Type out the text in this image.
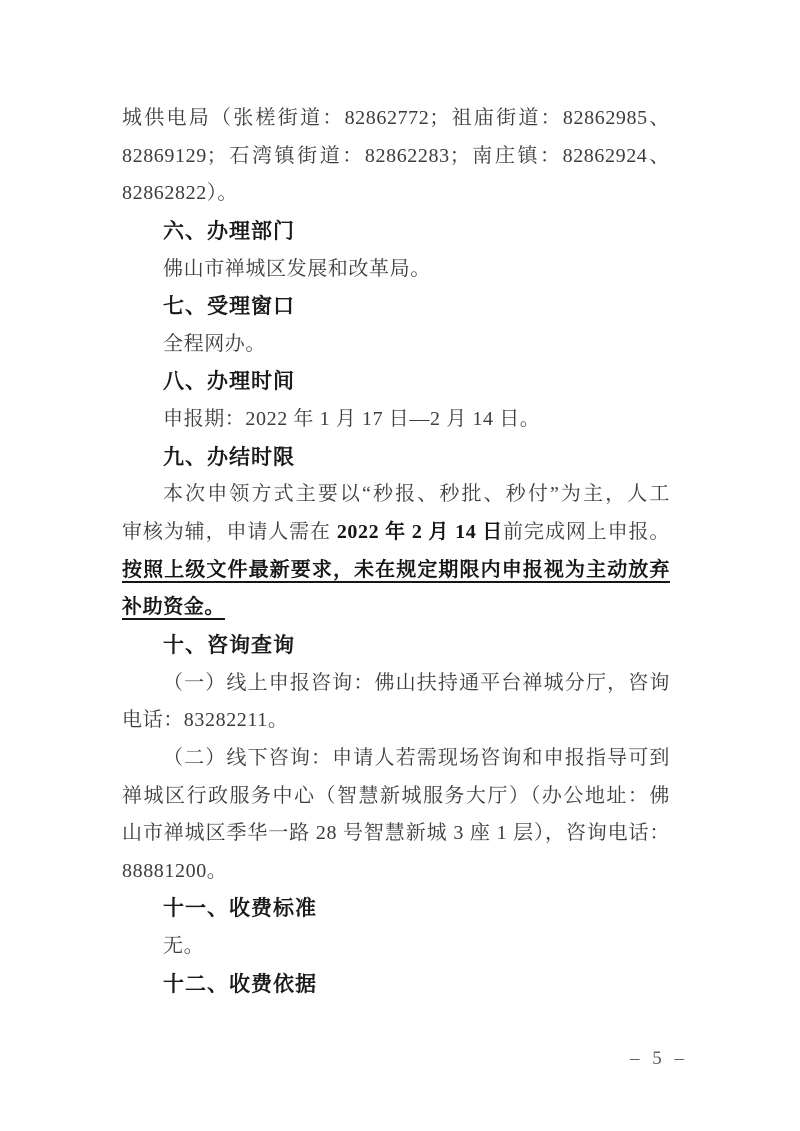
城供电局（张槎街道：82862772；祖庙街道：82862985、
82869129；石湾镇街道：82862283；南庄镇：82862924、
82862822）。
六、办理部门
佛山市禅城区发展和改革局。
七、受理窗口
全程网办。
八、办理时间
申报期：2022 年 1 月 17 日—2 月 14 日。
九、办结时限
本次申领方式主要以“秒报、秒批、秒付”为主，人工
审核为辅，申请人需在 2022 年 2 月 14 日前完成网上申报。
按照上级文件最新要求，未在规定期限内申报视为主动放弃
补助资金。
十、咨询查询
（一）线上申报咨询：佛山扶持通平台禅城分厅，咨询
电话：83282211。
（二）线下咨询：申请人若需现场咨询和申报指导可到
禅城区行政服务中心（智慧新城服务大厅）（办公地址：佛
山市禅城区季华一路 28 号智慧新城 3 座 1 层），咨询电话：
88881200。
十一、收费标准
无。
十二、收费依据
– 5 –
